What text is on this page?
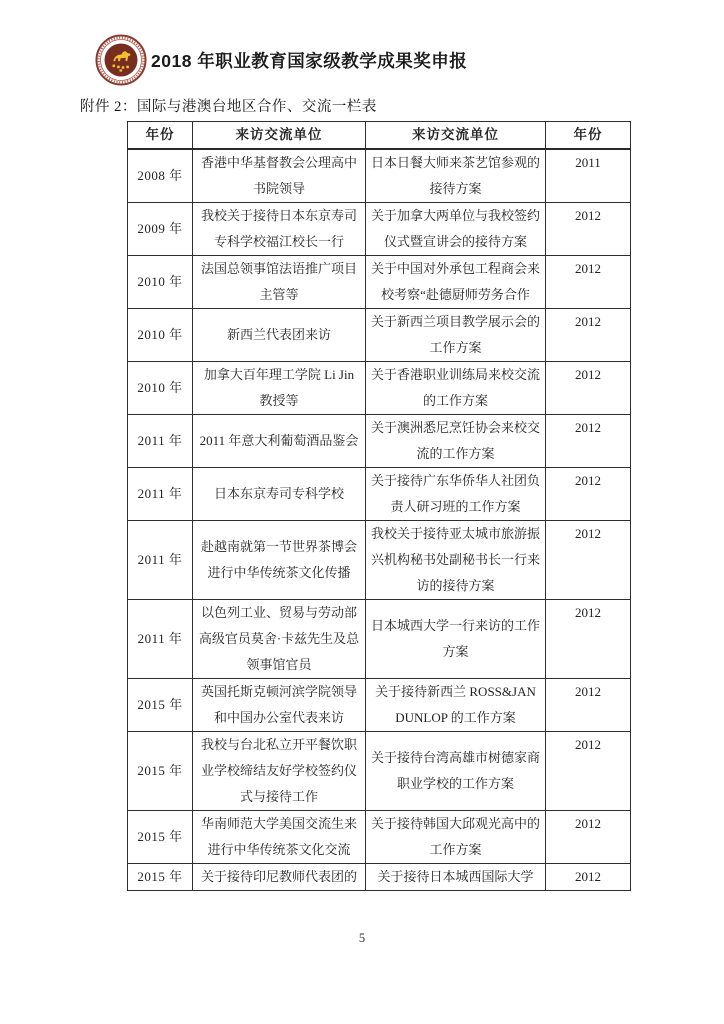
2018 年职业教育国家级教学成果奖申报
附件 2：国际与港澳台地区合作、交流一栏表
年份	来访交流单位	来访交流单位	年份
2008 年	香港中华基督教会公理高中书院领导	日本日餐大师来茶艺馆参观的接待方案	2011
2009 年	我校关于接待日本东京寿司专科学校福江校长一行	关于加拿大两单位与我校签约仪式暨宣讲会的接待方案	2012
2010 年	法国总领事馆法语推广项目主管等	关于中国对外承包工程商会来校考察“赴德厨师劳务合作	2012
2010 年	新西兰代表团来访	关于新西兰项目教学展示会的工作方案	2012
2010 年	加拿大百年理工学院 Li Jin 教授等	关于香港职业训练局来校交流的工作方案	2012
2011 年	2011 年意大利葡萄酒品鉴会	关于澳洲悉尼烹饪协会来校交流的工作方案	2012
2011 年	日本东京寿司专科学校	关于接待广东华侨华人社团负责人研习班的工作方案	2012
2011 年	赴越南就第一节世界茶博会进行中华传统茶文化传播	我校关于接待亚太城市旅游振兴机构秘书处副秘书长一行来访的接待方案	2012
2011 年	以色列工业、贸易与劳动部高级官员莫舍·卡兹先生及总领事馆官员	日本城西大学一行来访的工作方案	2012
2015 年	英国托斯克顿河滨学院领导和中国办公室代表来访	关于接待新西兰 ROSS&JAN DUNLOP 的工作方案	2012
2015 年	我校与台北私立开平餐饮职业学校缔结友好学校签约仪式与接待工作	关于接待台湾高雄市树德家商职业学校的工作方案	2012
2015 年	华南师范大学美国交流生来进行中华传统茶文化交流	关于接待韩国大邱观光高中的工作方案	2012
2015 年	关于接待印尼教师代表团的	关于接待日本城西国际大学	2012
5
